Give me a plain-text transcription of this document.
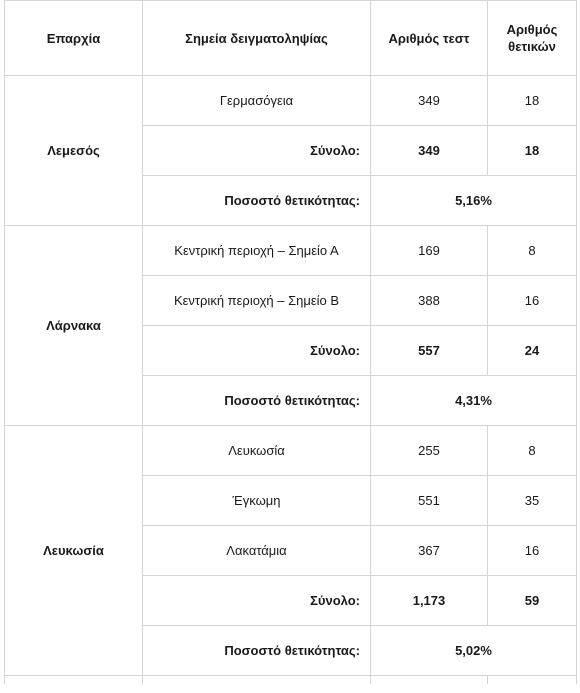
Επαρχία	Σημεία δειγματοληψίας	Αριθμός τεστ	Αριθμός θετικών
Λεμεσός	Γερμασόγεια	349	18
	Σύνολο:	349	18
	Ποσοστό θετικότητας:	5,16%	
Λάρνακα	Κεντρική περιοχή – Σημείο Α	169	8
	Κεντρική περιοχή – Σημείο Β	388	16
	Σύνολο:	557	24
	Ποσοστό θετικότητας:	4,31%	
Λευκωσία	Λευκωσία	255	8
	Έγκωμη	551	35
	Λακατάμια	367	16
	Σύνολο:	1,173	59
	Ποσοστό θετικότητας:	5,02%	
